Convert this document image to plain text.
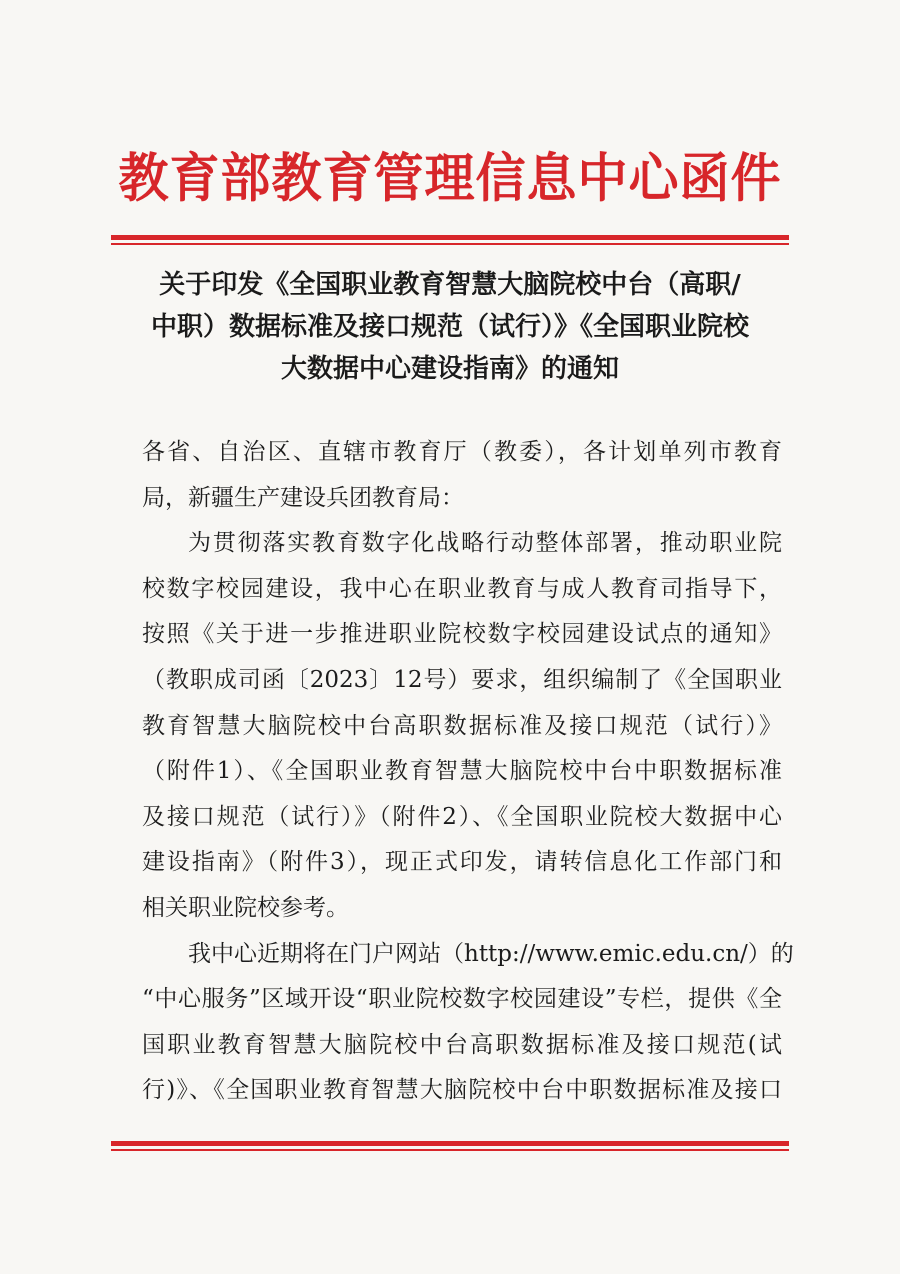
教育部教育管理信息中心函件
关于印发《全国职业教育智慧大脑院校中台（高职/
中职）数据标准及接口规范（试行）》《全国职业院校
大数据中心建设指南》的通知
各省、自治区、直辖市教育厅（教委），各计划单列市教育
局，新疆生产建设兵团教育局：
为贯彻落实教育数字化战略行动整体部署，推动职业院
校数字校园建设，我中心在职业教育与成人教育司指导下，
按照《关于进一步推进职业院校数字校园建设试点的通知》
（教职成司函〔2023〕12号）要求，组织编制了《全国职业
教育智慧大脑院校中台高职数据标准及接口规范（试行）》
（附件1）、《全国职业教育智慧大脑院校中台中职数据标准
及接口规范（试行）》（附件2）、《全国职业院校大数据中心
建设指南》（附件3），现正式印发，请转信息化工作部门和
相关职业院校参考。
我中心近期将在门户网站（http://www.emic.edu.cn/）的
“中心服务”区域开设“职业院校数字校园建设”专栏，提供《全
国职业教育智慧大脑院校中台高职数据标准及接口规范(试
行)》、《全国职业教育智慧大脑院校中台中职数据标准及接口
